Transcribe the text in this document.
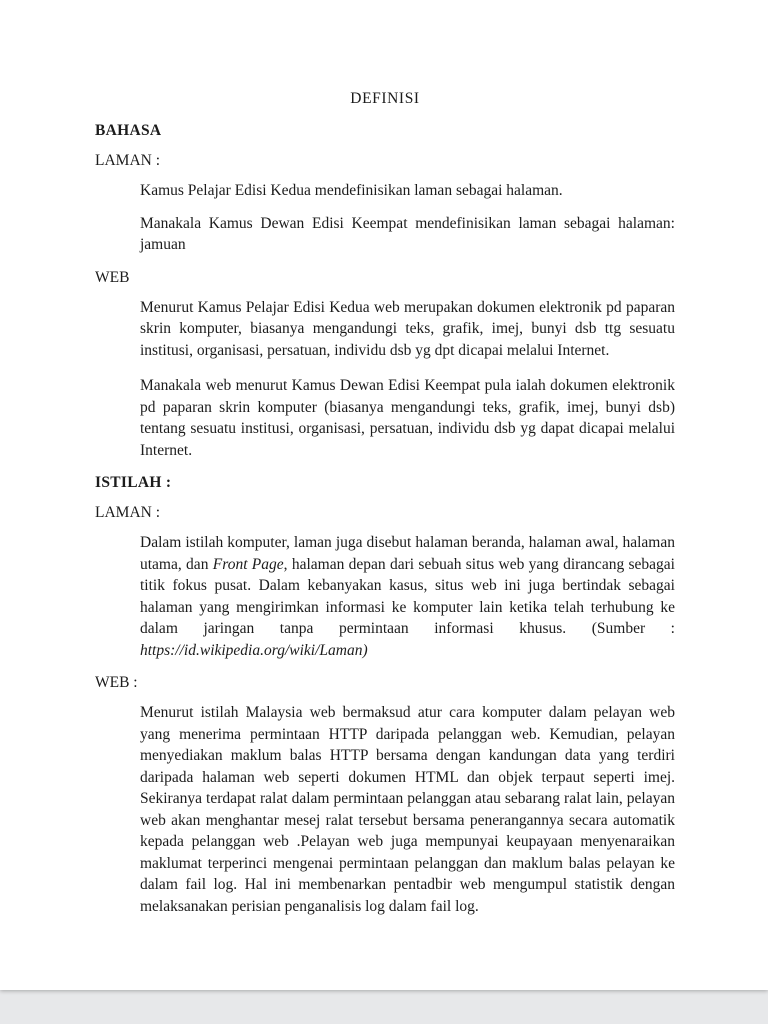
DEFINISI
BAHASA
LAMAN :

Kamus Pelajar Edisi Kedua mendefinisikan laman sebagai halaman.

Manakala Kamus Dewan Edisi Keempat mendefinisikan laman sebagai halaman: jamuan

WEB

Menurut Kamus Pelajar Edisi Kedua web merupakan dokumen elektronik pd paparan skrin komputer, biasanya mengandungi teks, grafik, imej, bunyi dsb ttg sesuatu institusi, organisasi, persatuan, individu dsb yg dpt dicapai melalui Internet.

Manakala web menurut Kamus Dewan Edisi Keempat pula ialah dokumen elektronik pd paparan skrin komputer (biasanya mengandungi teks, grafik, imej, bunyi dsb) tentang sesuatu institusi, organisasi, persatuan, individu dsb yg dapat dicapai melalui Internet.

ISTILAH :
LAMAN :

Dalam istilah komputer, laman juga disebut halaman beranda, halaman awal, halaman utama, dan Front Page, halaman depan dari sebuah situs web yang dirancang sebagai titik fokus pusat. Dalam kebanyakan kasus, situs web ini juga bertindak sebagai halaman yang mengirimkan informasi ke komputer lain ketika telah terhubung ke dalam jaringan tanpa permintaan informasi khusus. (Sumber : https://id.wikipedia.org/wiki/Laman)

WEB :

Menurut istilah Malaysia web bermaksud atur cara komputer dalam pelayan web yang menerima permintaan HTTP daripada pelanggan web. Kemudian, pelayan menyediakan maklum balas HTTP bersama dengan kandungan data yang terdiri daripada halaman web seperti dokumen HTML dan objek terpaut seperti imej. Sekiranya terdapat ralat dalam permintaan pelanggan atau sebarang ralat lain, pelayan web akan menghantar mesej ralat tersebut bersama penerangannya secara automatik kepada pelanggan web .Pelayan web juga mempunyai keupayaan menyenaraikan maklumat terperinci mengenai permintaan pelanggan dan maklum balas pelayan ke dalam fail log. Hal ini membenarkan pentadbir web mengumpul statistik dengan melaksanakan perisian penganalisis log dalam fail log.
